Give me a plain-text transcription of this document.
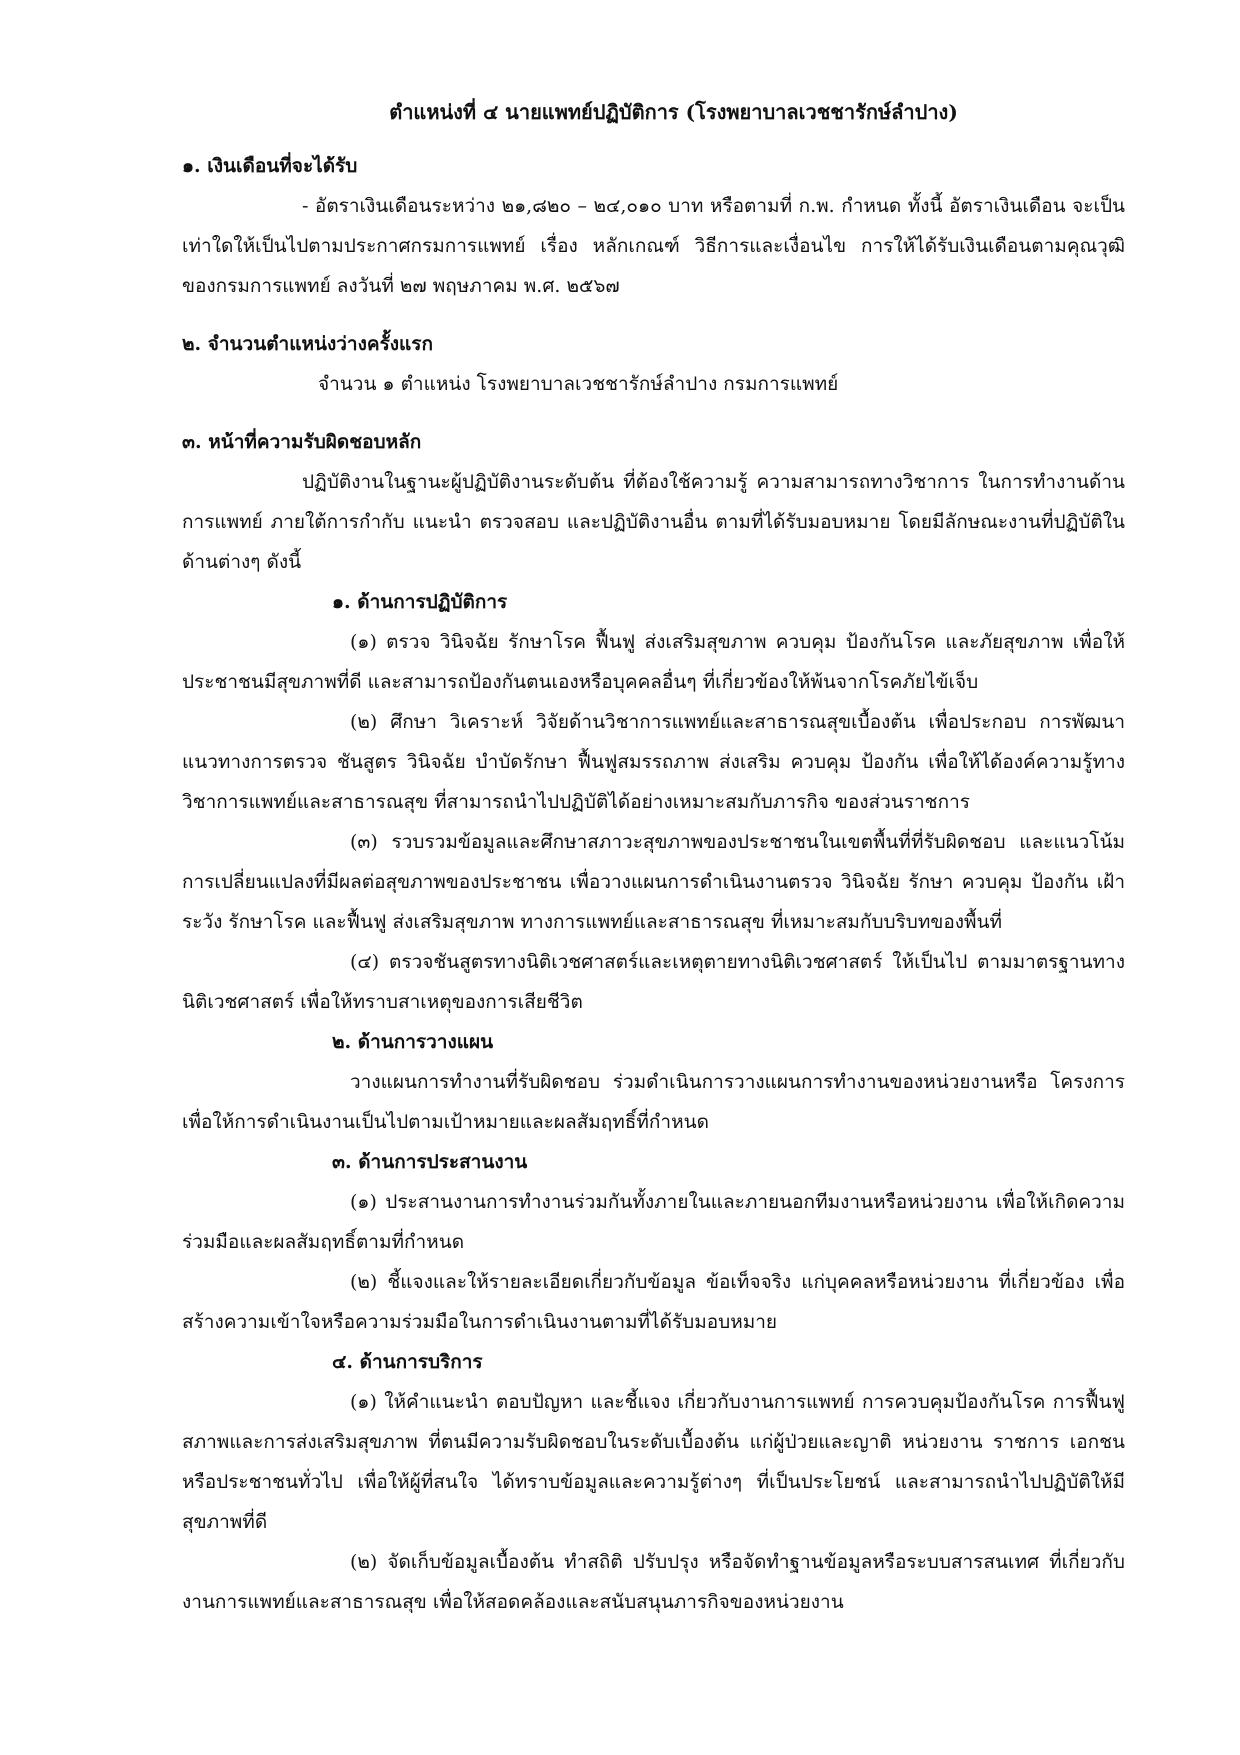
ตำแหน่งที่ ๔ นายแพทย์ปฏิบัติการ (โรงพยาบาลเวชชารักษ์ลำปาง)
๑. เงินเดือนที่จะได้รับ

- อัตราเงินเดือนระหว่าง ๒๑,๘๒๐ – ๒๔,๐๑๐ บาท หรือตามที่ ก.พ. กำหนด ทั้งนี้ อัตราเงินเดือน จะเป็นเท่าใดให้เป็นไปตามประกาศกรมการแพทย์ เรื่อง หลักเกณฑ์ วิธีการและเงื่อนไข การให้ได้รับเงินเดือนตามคุณวุฒิ ของกรมการแพทย์ ลงวันที่ ๒๗ พฤษภาคม พ.ศ. ๒๕๖๗

๒. จำนวนตำแหน่งว่างครั้งแรก

จำนวน ๑ ตำแหน่ง โรงพยาบาลเวชชารักษ์ลำปาง กรมการแพทย์

๓. หน้าที่ความรับผิดชอบหลัก

ปฏิบัติงานในฐานะผู้ปฏิบัติงานระดับต้น ที่ต้องใช้ความรู้ ความสามารถทางวิชาการ ในการทำงานด้านการแพทย์ ภายใต้การกำกับ แนะนำ ตรวจสอบ และปฏิบัติงานอื่น ตามที่ได้รับมอบหมาย โดยมีลักษณะงานที่ปฏิบัติในด้านต่างๆ ดังนี้

๑. ด้านการปฏิบัติการ

(๑) ตรวจ วินิจฉัย รักษาโรค ฟื้นฟู ส่งเสริมสุขภาพ ควบคุม ป้องกันโรค และภัยสุขภาพ เพื่อให้ประชาชนมีสุขภาพที่ดี และสามารถป้องกันตนเองหรือบุคคลอื่นๆ ที่เกี่ยวข้องให้พ้นจากโรคภัยไข้เจ็บ

(๒) ศึกษา วิเคราะห์ วิจัยด้านวิชาการแพทย์และสาธารณสุขเบื้องต้น เพื่อประกอบ การพัฒนาแนวทางการตรวจ ชันสูตร วินิจฉัย บำบัดรักษา ฟื้นฟูสมรรถภาพ ส่งเสริม ควบคุม ป้องกัน เพื่อให้ได้องค์ความรู้ทางวิชาการแพทย์และสาธารณสุข ที่สามารถนำไปปฏิบัติได้อย่างเหมาะสมกับภารกิจ ของส่วนราชการ

(๓) รวบรวมข้อมูลและศึกษาสภาวะสุขภาพของประชาชนในเขตพื้นที่ที่รับผิดชอบ และแนวโน้มการเปลี่ยนแปลงที่มีผลต่อสุขภาพของประชาชน เพื่อวางแผนการดำเนินงานตรวจ วินิจฉัย รักษา ควบคุม ป้องกัน เฝ้าระวัง รักษาโรค และฟื้นฟู ส่งเสริมสุขภาพ ทางการแพทย์และสาธารณสุข ที่เหมาะสมกับบริบทของพื้นที่

(๔) ตรวจชันสูตรทางนิติเวชศาสตร์และเหตุตายทางนิติเวชศาสตร์ ให้เป็นไป ตามมาตรฐานทางนิติเวชศาสตร์ เพื่อให้ทราบสาเหตุของการเสียชีวิต

๒. ด้านการวางแผน

วางแผนการทำงานที่รับผิดชอบ ร่วมดำเนินการวางแผนการทำงานของหน่วยงานหรือ โครงการ เพื่อให้การดำเนินงานเป็นไปตามเป้าหมายและผลสัมฤทธิ์ที่กำหนด

๓. ด้านการประสานงาน

(๑) ประสานงานการทำงานร่วมกันทั้งภายในและภายนอกทีมงานหรือหน่วยงาน เพื่อให้เกิดความร่วมมือและผลสัมฤทธิ์ตามที่กำหนด

(๒) ชี้แจงและให้รายละเอียดเกี่ยวกับข้อมูล ข้อเท็จจริง แก่บุคคลหรือหน่วยงาน ที่เกี่ยวข้อง เพื่อสร้างความเข้าใจหรือความร่วมมือในการดำเนินงานตามที่ได้รับมอบหมาย

๔. ด้านการบริการ

(๑) ให้คำแนะนำ ตอบปัญหา และชี้แจง เกี่ยวกับงานการแพทย์ การควบคุมป้องกันโรค การฟื้นฟูสภาพและการส่งเสริมสุขภาพ ที่ตนมีความรับผิดชอบในระดับเบื้องต้น แก่ผู้ป่วยและญาติ หน่วยงาน ราชการ เอกชน หรือประชาชนทั่วไป เพื่อให้ผู้ที่สนใจ ได้ทราบข้อมูลและความรู้ต่างๆ ที่เป็นประโยชน์ และสามารถนำไปปฏิบัติให้มีสุขภาพที่ดี

(๒) จัดเก็บข้อมูลเบื้องต้น ทำสถิติ ปรับปรุง หรือจัดทำฐานข้อมูลหรือระบบสารสนเทศ ที่เกี่ยวกับงานการแพทย์และสาธารณสุข เพื่อให้สอดคล้องและสนับสนุนภารกิจของหน่วยงาน
